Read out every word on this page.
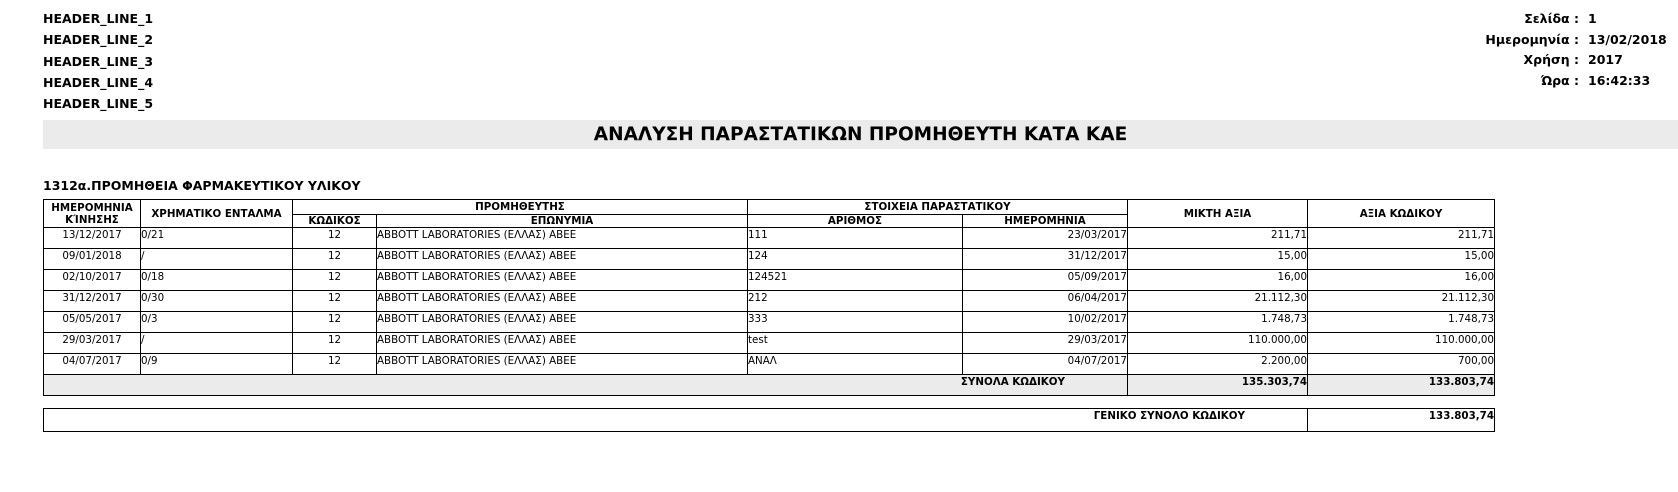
HEADER_LINE_1
HEADER_LINE_2
HEADER_LINE_3
HEADER_LINE_4
HEADER_LINE_5
Σελίδα : 1
Ημερομηνία : 13/02/2018
Χρήση : 2017
Ώρα : 16:42:33
ΑΝΑΛΥΣΗ ΠΑΡΑΣΤΑΤΙΚΩΝ ΠΡΟΜΗΘΕΥΤΗ ΚΑΤΑ ΚΑΕ
1312α.ΠΡΟΜΗΘΕΙΑ ΦΑΡΜΑΚΕΥΤΙΚΟΥ ΥΛΙΚΟΥ
ΗΜΕΡΟΜΗΝΙΑ
ΚΊΝΗΣΗΣ	ΧΡΗΜΑΤΙΚΟ ΕΝΤΑΛΜΑ	ΠΡΟΜΗΘΕΥΤΗΣ		ΣΤΟΙΧΕΙΑ ΠΑΡΑΣΤΑΤΙΚΟΥ		ΜΙΚΤΗ ΑΞΙΑ	ΑΞΙΑ ΚΩΔΙΚΟΥ
		ΚΩΔΙΚΟΣ	ΕΠΩΝΥΜΙΑ	ΑΡΙΘΜΟΣ	ΗΜΕΡΟΜΗΝΙΑ		
13/12/2017	0/21	12	ABBOTT LABORATORIES (ΕΛΛΑΣ) ΑΒΕΕ	111	23/03/2017	211,71	211,71
09/01/2018	/	12	ABBOTT LABORATORIES (ΕΛΛΑΣ) ΑΒΕΕ	124	31/12/2017	15,00	15,00
02/10/2017	0/18	12	ABBOTT LABORATORIES (ΕΛΛΑΣ) ΑΒΕΕ	124521	05/09/2017	16,00	16,00
31/12/2017	0/30	12	ABBOTT LABORATORIES (ΕΛΛΑΣ) ΑΒΕΕ	212	06/04/2017	21.112,30	21.112,30
05/05/2017	0/3	12	ABBOTT LABORATORIES (ΕΛΛΑΣ) ΑΒΕΕ	333	10/02/2017	1.748,73	1.748,73
29/03/2017	/	12	ABBOTT LABORATORIES (ΕΛΛΑΣ) ΑΒΕΕ	test	29/03/2017	110.000,00	110.000,00
04/07/2017	0/9	12	ABBOTT LABORATORIES (ΕΛΛΑΣ) ΑΒΕΕ	ΑΝΑΛ	04/07/2017	2.200,00	700,00
ΣΥΝΟΛΑ ΚΩΔΙΚΟΥ						135.303,74	133.803,74
ΓΕΝΙΚΟ ΣΥΝΟΛΟ ΚΩΔΙΚΟΥ	133.803,74
